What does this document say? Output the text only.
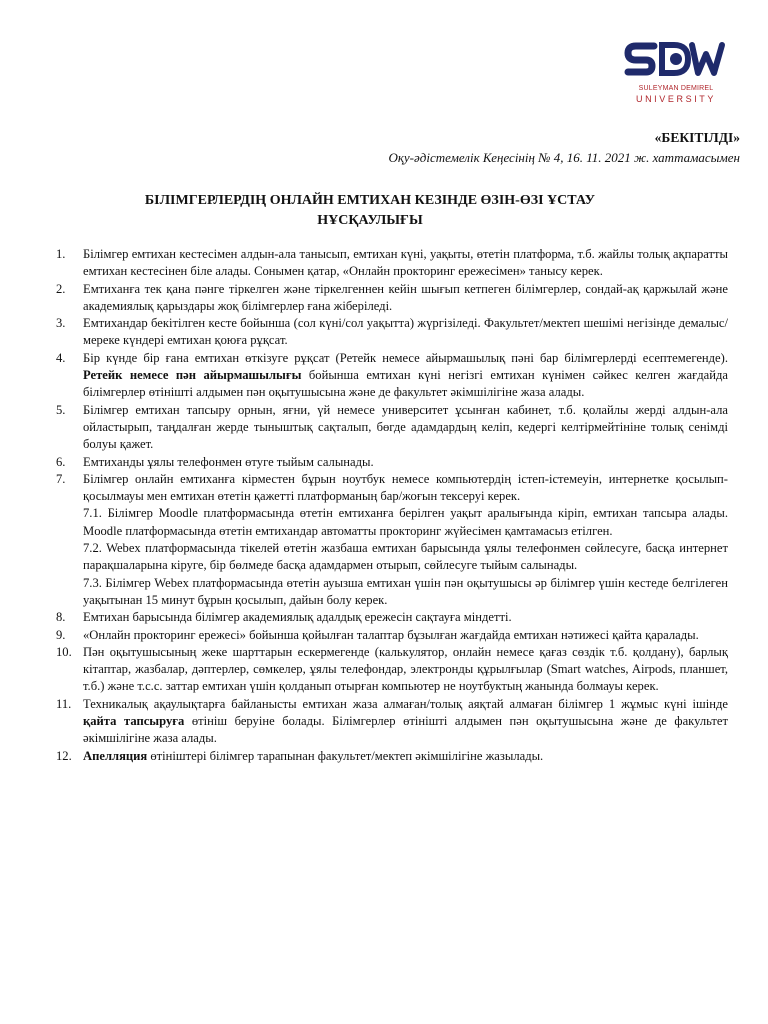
SULEYMAN DEMIREL
UNIVERSITY
«БЕКІТІЛДІ»
Оқу-әдістемелік Кеңесінің № 4, 16. 11. 2021 ж. хаттамасымен
БІЛІМГЕРЛЕРДІҢ ОНЛАЙН ЕМТИХАН КЕЗІНДЕ ӨЗІН-ӨЗІ ҰСТАУ
НҰСҚАУЛЫҒЫ
1.	Білімгер емтихан кестесімен алдын-ала танысып, емтихан күні, уақыты, өтетін платформа, т.б. жайлы толық ақпаратты емтихан кестесінен біле алады. Сонымен қатар, «Онлайн прокторинг ережесімен» танысу керек.
2.	Емтиханға тек қана пәнге тіркелген және тіркелгеннен кейін шығып кетпеген білімгерлер, сондай-ақ қаржылай және академиялық қарыздары жоқ білімгерлер ғана жіберіледі.
3.	Емтихандар бекітілген кесте бойынша (сол күні/сол уақытта) жүргізіледі. Факультет/мектеп шешімі негізінде демалыс/мереке күндері емтихан қоюға рұқсат.
4.	Бір күнде бір ғана емтихан өткізуге рұқсат (Ретейк немесе айырмашылық пәні бар білімгерлерді есептемегенде). Ретейк немесе пән айырмашылығы бойынша емтихан күні негізгі емтихан күнімен сәйкес келген жағдайда білімгерлер өтінішті алдымен пән оқытушысына және де факультет әкімшілігіне жаза алады.
5.	Білімгер емтихан тапсыру орнын, яғни, үй немесе университет ұсынған кабинет, т.б. қолайлы жерді алдын-ала ойластырып, таңдалған жерде тыныштық сақталып, бөгде адамдардың келіп, кедергі келтірмейтініне толық сенімді болуы қажет.
6.	Емтиханды ұялы телефонмен өтуге тыйым салынады.
7.	Білімгер онлайн емтиханға кірместен бұрын ноутбук немесе компьютердің істеп-істемеуін, интернетке қосылып-қосылмауы мен емтихан өтетін қажетті платформаның бар/жоғын тексеруі керек.
7.1. Білімгер Moodle платформасында өтетін емтиханға берілген уақыт аралығында кіріп, емтихан тапсыра алады. Moodle платформасында өтетін емтихандар автоматты прокторинг жүйесімен қамтамасыз етілген.
7.2. Webex платформасында тікелей өтетін жазбаша емтихан барысында ұялы телефонмен сөйлесуге, басқа интернет парақшаларына кіруге, бір бөлмеде басқа адамдармен отырып, сөйлесуге тыйым салынады.
7.3. Білімгер Webex платформасында өтетін ауызша емтихан үшін пән оқытушысы әр білімгер үшін кестеде белгілеген уақытынан 15 минут бұрын қосылып, дайын болу керек.
8.	Емтихан барысында білімгер академиялық адалдық ережесін сақтауға міндетті.
9.	«Онлайн прокторинг ережесі» бойынша қойылған талаптар бұзылған жағдайда емтихан нәтижесі қайта қаралады.
10. Пән оқытушысының жеке шарттарын ескермегенде (калькулятор, онлайн немесе қағаз сөздік т.б. қолдану), барлық кітаптар, жазбалар, дәптерлер, сөмкелер, ұялы телефондар, электронды құрылғылар (Smart watches, Airpods, планшет, т.б.) және т.с.с. заттар емтихан үшін қолданып отырған компьютер не ноутбуктың жанында болмауы керек.
11. Техникалық ақаулықтарға байланысты емтихан жаза алмаған/толық аяқтай алмаған білімгер 1 жұмыс күні ішінде қайта тапсыруға өтініш беруіне болады. Білімгерлер өтінішті алдымен пән оқытушысына және де факультет әкімшілігіне жаза алады.
12. Апелляция өтініштері білімгер тарапынан факультет/мектеп әкімшілігіне жазылады.
